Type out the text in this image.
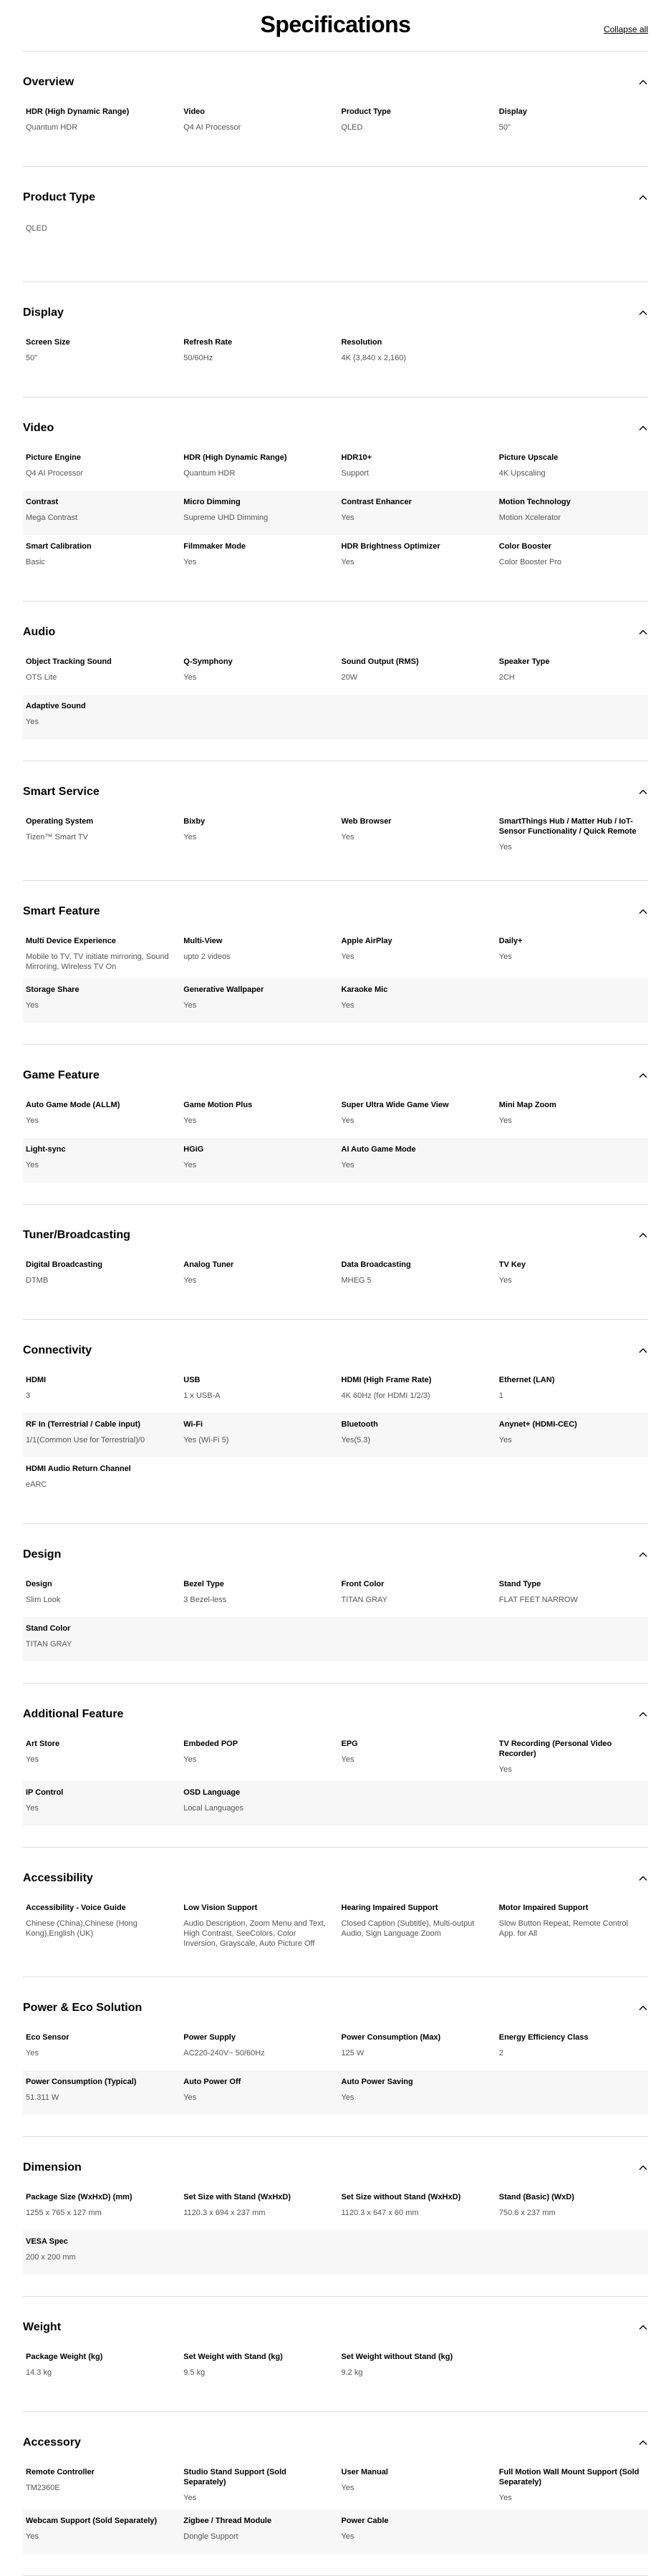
Specifications	Collapse all
Overview
HDR (High Dynamic Range)
Quantum HDR
Video
Q4 AI Processor
Product Type
QLED
Display
50"
Product Type
QLED
Display
Screen Size
50"
Refresh Rate
50/60Hz
Resolution
4K (3,840 x 2,160)
Video
Picture Engine
Q4 AI Processor
HDR (High Dynamic Range)
Quantum HDR
HDR10+
Support
Picture Upscale
4K Upscaling
Contrast
Mega Contrast
Micro Dimming
Supreme UHD Dimming
Contrast Enhancer
Yes
Motion Technology
Motion Xcelerator
Smart Calibration
Basic
Filmmaker Mode
Yes
HDR Brightness Optimizer
Yes
Color Booster
Color Booster Pro
Audio
Object Tracking Sound
OTS Lite
Q-Symphony
Yes
Sound Output (RMS)
20W
Speaker Type
2CH
Adaptive Sound
Yes
Smart Service
Operating System
Tizen™ Smart TV
Bixby
Yes
Web Browser
Yes
SmartThings Hub / Matter Hub / IoT-Sensor Functionality / Quick Remote
Yes
Smart Feature
Multi Device Experience
Mobile to TV, TV initiate mirroring, Sound Mirroring, Wireless TV On
Multi-View
upto 2 videos
Apple AirPlay
Yes
Daily+
Yes
Storage Share
Yes
Generative Wallpaper
Yes
Karaoke Mic
Yes
Game Feature
Auto Game Mode (ALLM)
Yes
Game Motion Plus
Yes
Super Ultra Wide Game View
Yes
Mini Map Zoom
Yes
Light-sync
Yes
HGiG
Yes
AI Auto Game Mode
Yes
Tuner/Broadcasting
Digital Broadcasting
DTMB
Analog Tuner
Yes
Data Broadcasting
MHEG 5
TV Key
Yes
Connectivity
HDMI
3
USB
1 x USB-A
HDMI (High Frame Rate)
4K 60Hz (for HDMI 1/2/3)
Ethernet (LAN)
1
RF In (Terrestrial / Cable input)
1/1(Common Use for Terrestrial)/0
Wi-Fi
Yes (Wi-Fi 5)
Bluetooth
Yes(5.3)
Anynet+ (HDMI-CEC)
Yes
HDMI Audio Return Channel
eARC
Design
Design
Slim Look
Bezel Type
3 Bezel-less
Front Color
TITAN GRAY
Stand Type
FLAT FEET NARROW
Stand Color
TITAN GRAY
Additional Feature
Art Store
Yes
Embeded POP
Yes
EPG
Yes
TV Recording (Personal Video Recorder)
Yes
IP Control
Yes
OSD Language
Local Languages
Accessibility
Accessibility - Voice Guide
Chinese (China),Chinese (Hong Kong),English (UK)
Low Vision Support
Audio Description, Zoom Menu and Text, High Contrast, SeeColors, Color Inversion, Grayscale, Auto Picture Off
Hearing Impaired Support
Closed Caption (Subtitle), Multi-output Audio, Sign Language Zoom
Motor Impaired Support
Slow Button Repeat, Remote Control App. for All
Power & Eco Solution
Eco Sensor
Yes
Power Supply
AC220-240V~ 50/60Hz
Power Consumption (Max)
125 W
Energy Efficiency Class
2
Power Consumption (Typical)
51.311 W
Auto Power Off
Yes
Auto Power Saving
Yes
Dimension
Package Size (WxHxD) (mm)
1255 x 765 x 127 mm
Set Size with Stand (WxHxD)
1120.3 x 694 x 237 mm
Set Size without Stand (WxHxD)
1120.3 x 647 x 60 mm
Stand (Basic) (WxD)
750.6 x 237 mm
VESA Spec
200 x 200 mm
Weight
Package Weight (kg)
14.3 kg
Set Weight with Stand (kg)
9.5 kg
Set Weight without Stand (kg)
9.2 kg
Accessory
Remote Controller
TM2360E
Studio Stand Support (Sold Separately)
Yes
User Manual
Yes
Full Motion Wall Mount Support (Sold Separately)
Yes
Webcam Support (Sold Separately)
Yes
Zigbee / Thread Module
Dongle Support
Power Cable
Yes
